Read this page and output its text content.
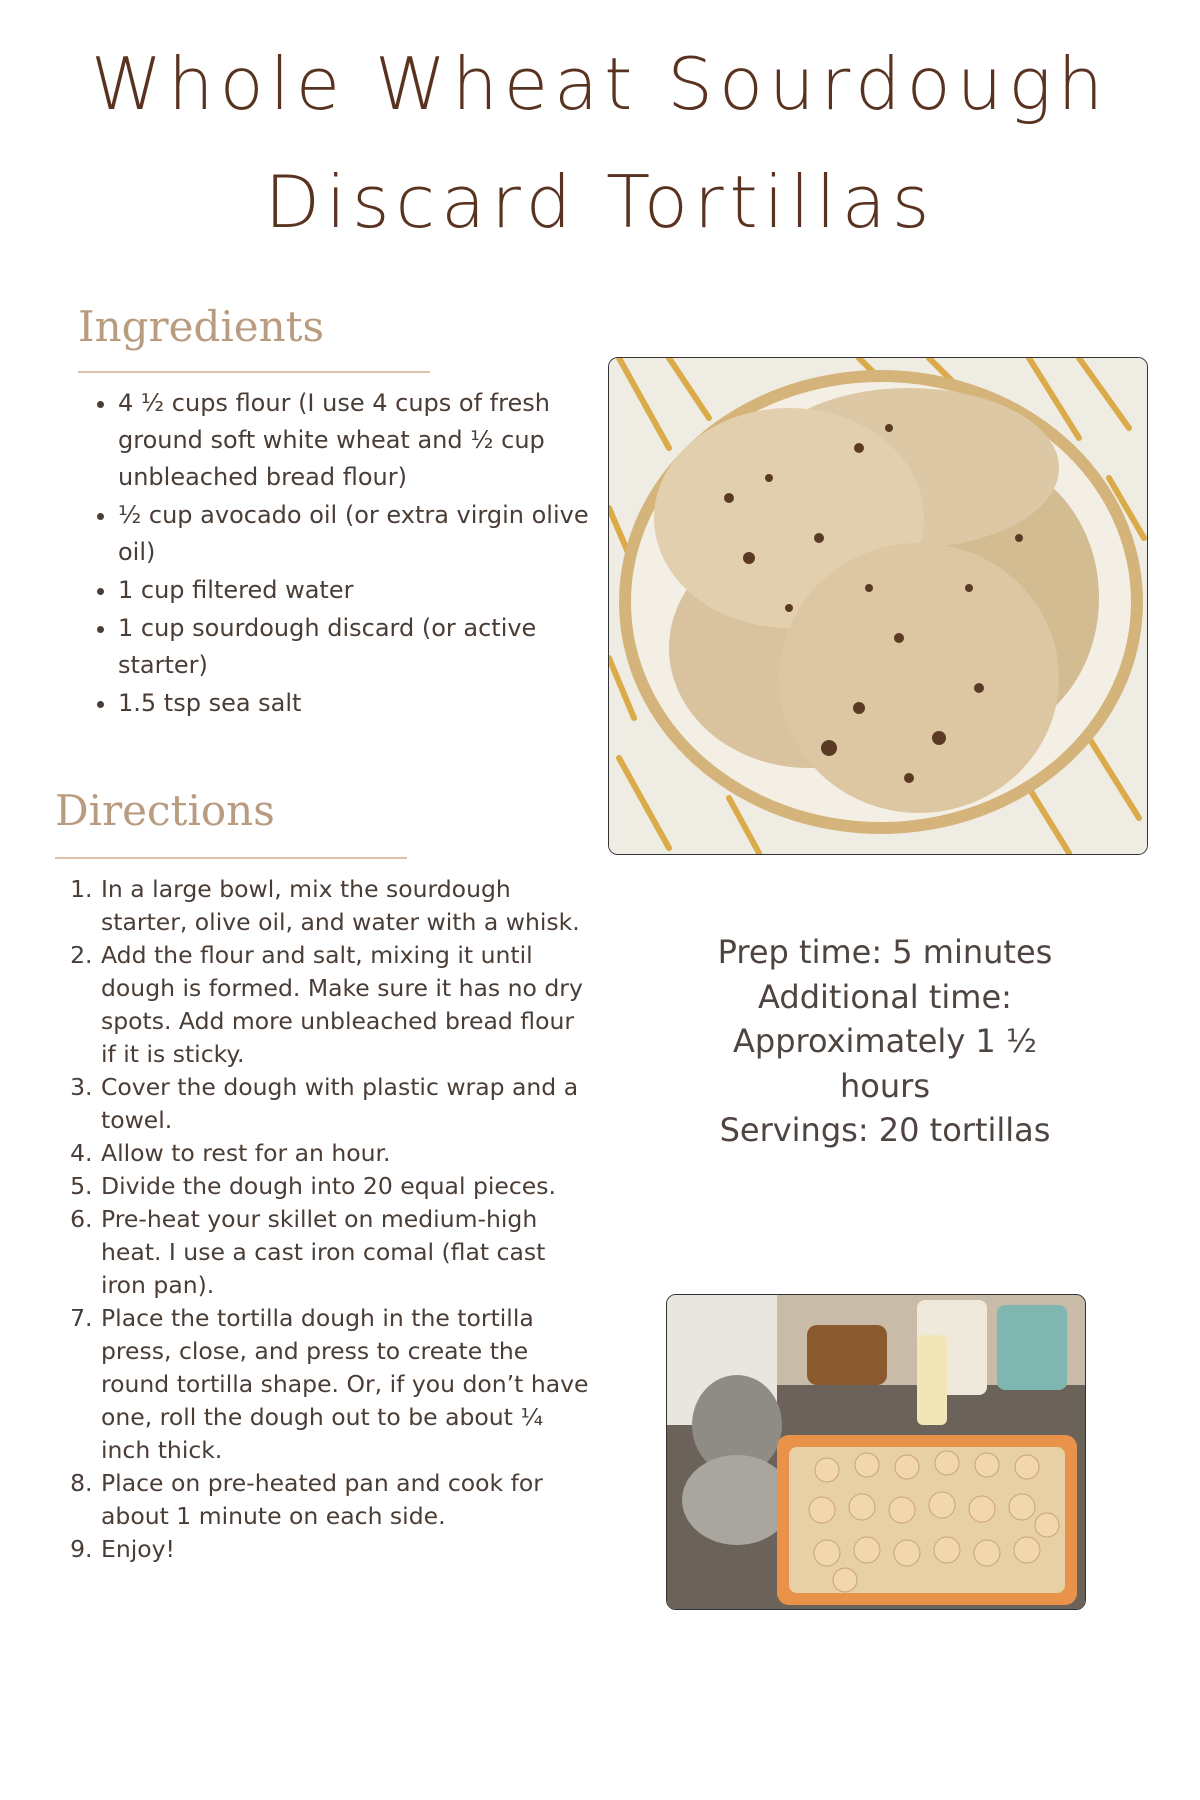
Whole Wheat Sourdough
Discard Tortillas
Ingredients
• 4 ½ cups flour (I use 4 cups of fresh ground soft white wheat and ½ cup unbleached bread flour)
• ½ cup avocado oil (or extra virgin olive oil)
• 1 cup filtered water
• 1 cup sourdough discard (or active starter)
• 1.5 tsp sea salt
Directions
1. In a large bowl, mix the sourdough starter, olive oil, and water with a whisk.
2. Add the flour and salt, mixing it until dough is formed. Make sure it has no dry spots. Add more unbleached bread flour if it is sticky.
3. Cover the dough with plastic wrap and a towel.
4. Allow to rest for an hour.
5. Divide the dough into 20 equal pieces.
6. Pre-heat your skillet on medium-high heat. I use a cast iron comal (flat cast iron pan).
7. Place the tortilla dough in the tortilla press, close, and press to create the round tortilla shape. Or, if you don’t have one, roll the dough out to be about ¼ inch thick.
8. Place on pre-heated pan and cook for about 1 minute on each side.
9. Enjoy!
Prep time: 5 minutes
Additional time: Approximately 1 ½ hours
Servings: 20 tortillas
